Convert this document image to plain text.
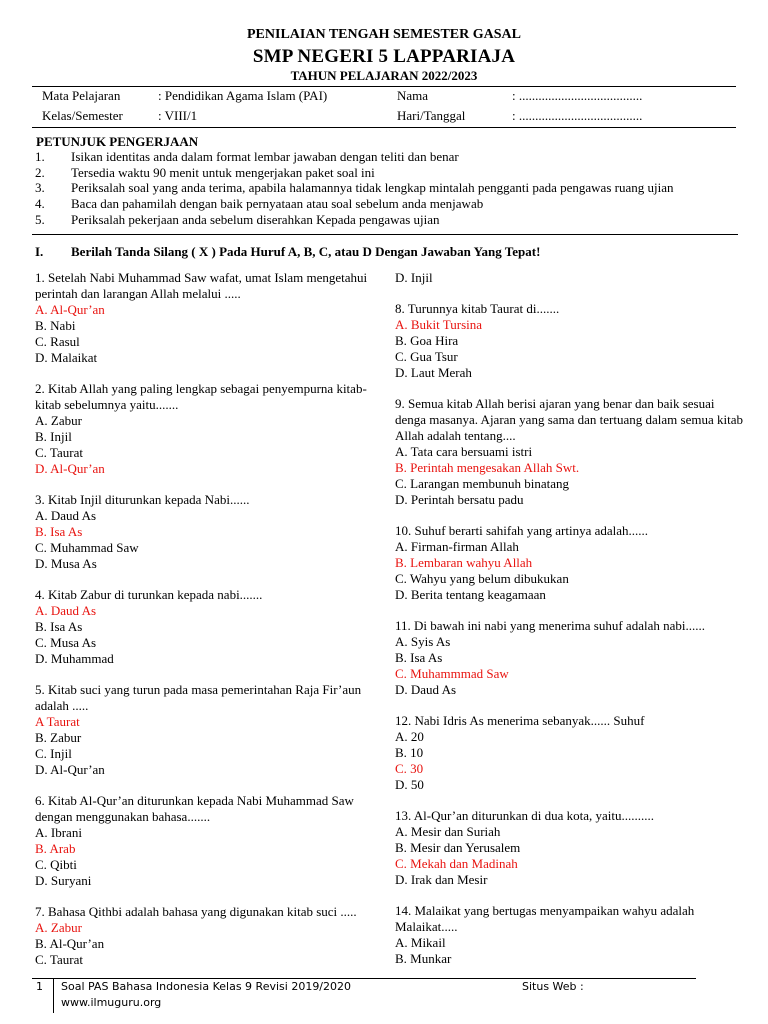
PENILAIAN TENGAH SEMESTER GASAL
SMP NEGERI 5 LAPPARIAJA
TAHUN PELAJARAN 2022/2023
Mata Pelajaran	: Pendidikan Agama Islam (PAI)	Nama	: ......................................
Kelas/Semester	: VIII/1	Hari/Tanggal	: ......................................
PETUNJUK PENGERJAAN
1. Isikan identitas anda dalam format lembar jawaban dengan teliti dan benar
2. Tersedia waktu 90 menit untuk mengerjakan paket soal ini
3. Periksalah soal yang anda terima, apabila halamannya tidak lengkap mintalah pengganti pada pengawas ruang ujian
4. Baca dan pahamilah dengan baik pernyataan atau soal sebelum anda menjawab
5. Periksalah pekerjaan anda sebelum diserahkan Kepada pengawas ujian
I. Berilah Tanda Silang ( X ) Pada Huruf A, B, C, atau D Dengan Jawaban Yang Tepat!
1. Setelah Nabi Muhammad Saw wafat, umat Islam mengetahui perintah dan larangan Allah melalui .....
A. Al-Qur’an
B. Nabi
C. Rasul
D. Malaikat
2. Kitab Allah yang paling lengkap sebagai penyempurna kitab-kitab sebelumnya yaitu.......
A. Zabur
B. Injil
C. Taurat
D. Al-Qur’an
3. Kitab Injil diturunkan kepada Nabi......
A. Daud As
B. Isa As
C. Muhammad Saw
D. Musa As
4. Kitab Zabur di turunkan kepada nabi.......
A. Daud As
B. Isa As
C. Musa As
D. Muhammad
5. Kitab suci yang turun pada masa pemerintahan Raja Fir’aun adalah .....
A Taurat
B. Zabur
C. Injil
D. Al-Qur’an
6. Kitab Al-Qur’an diturunkan kepada Nabi Muhammad Saw dengan menggunakan bahasa.......
A. Ibrani
B. Arab
C. Qibti
D. Suryani
7. Bahasa Qithbi adalah bahasa yang digunakan kitab suci .....
A. Zabur
B. Al-Qur’an
C. Taurat
D. Injil
8. Turunnya kitab Taurat di.......
A. Bukit Tursina
B. Goa Hira
C. Gua Tsur
D. Laut Merah
9. Semua kitab Allah berisi ajaran yang benar dan baik sesuai denga masanya. Ajaran yang sama dan tertuang dalam semua kitab Allah adalah tentang....
A. Tata cara bersuami istri
B. Perintah mengesakan Allah Swt.
C. Larangan membunuh binatang
D. Perintah bersatu padu
10. Suhuf berarti sahifah yang artinya adalah......
A. Firman-firman Allah
B. Lembaran wahyu Allah
C. Wahyu yang belum dibukukan
D. Berita tentang keagamaan
11. Di bawah ini nabi yang menerima suhuf adalah nabi......
A. Syis As
B. Isa As
C. Muhammmad Saw
D. Daud As
12. Nabi Idris As menerima sebanyak...... Suhuf
A. 20
B. 10
C. 30
D. 50
13. Al-Qur’an diturunkan di dua kota, yaitu..........
A. Mesir dan Suriah
B. Mesir dan Yerusalem
C. Mekah dan Madinah
D. Irak dan Mesir
14. Malaikat yang bertugas menyampaikan wahyu adalah Malaikat.....
A. Mikail
B. Munkar
1 Soal PAS Bahasa Indonesia Kelas 9 Revisi 2019/2020	Situs Web :
www.ilmuguru.org
